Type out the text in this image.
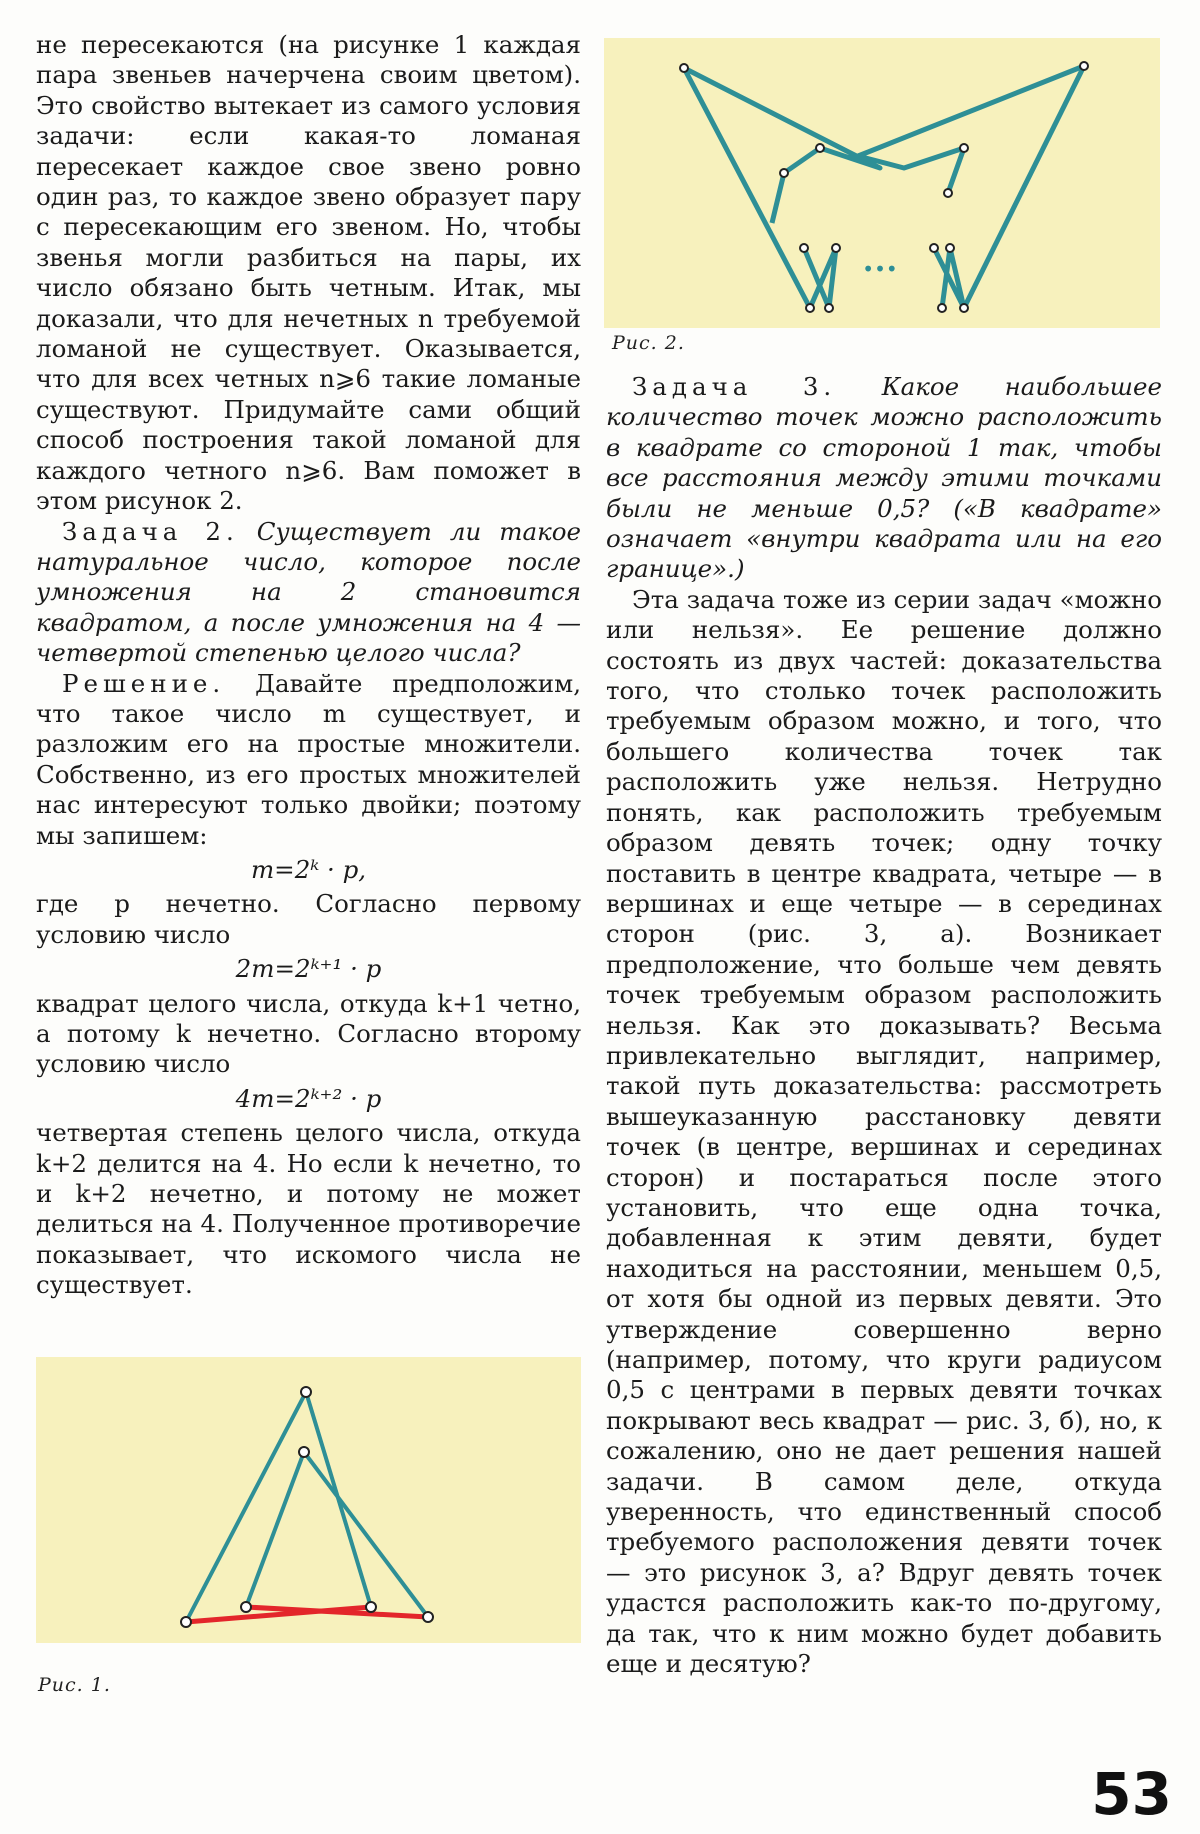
не пересекаются (на рисунке 1 каждая пара звеньев начерчена своим цветом). Это свойство вытекает из самого условия задачи: если какая-то ломаная пересекает каждое свое звено ровно один раз, то каждое звено образует пару с пересекающим его звеном. Но, чтобы звенья могли разбиться на пары, их число обязано быть четным. Итак, мы доказали, что для нечетных n требуемой ломаной не существует. Оказывается, что для всех четных n⩾6 такие ломаные существуют. Придумайте сами общий способ построения такой ломаной для каждого четного n⩾6. Вам поможет в этом рисунок 2.

Задача 2. Существует ли такое натуральное число, которое после умножения на 2 становится квадратом, а после умножения на 4 — четвертой степенью целого числа?

Решение. Давайте предположим, что такое число m существует, и разложим его на простые множители. Собственно, из его простых множителей нас интересуют только двойки; поэтому мы запишем:

m=2ᵏ · p,

где p нечетно. Согласно первому условию число

2m=2ᵏ⁺¹ · p

квадрат целого числа, откуда k+1 четно, а потому k нечетно. Согласно второму условию число

4m=2ᵏ⁺² · p

четвертая степень целого числа, откуда k+2 делится на 4. Но если k нечетно, то и k+2 нечетно, и потому не может делиться на 4. Полученное противоречие показывает, что искомого числа не существует.

•••
Рис. 2.

Задача 3. Какое наибольшее количество точек можно расположить в квадрате со стороной 1 так, чтобы все расстояния между этими точками были не меньше 0,5? («В квадрате» означает «внутри квадрата или на его границе».)

Эта задача тоже из серии задач «можно или нельзя». Ее решение должно состоять из двух частей: доказательства того, что столько точек расположить требуемым образом можно, и того, что большего количества точек так расположить уже нельзя. Нетрудно понять, как расположить требуемым образом девять точек; одну точку поставить в центре квадрата, четыре — в вершинах и еще четыре — в серединах сторон (рис. 3, а). Возникает предположение, что больше чем девять точек требуемым образом расположить нельзя. Как это доказывать? Весьма привлекательно выглядит, например, такой путь доказательства: рассмотреть вышеуказанную расстановку девяти точек (в центре, вершинах и серединах сторон) и постараться после этого установить, что еще одна точка, добавленная к этим девяти, будет находиться на расстоянии, меньшем 0,5, от хотя бы одной из первых девяти. Это утверждение совершенно верно (например, потому, что круги радиусом 0,5 с центрами в первых девяти точках покрывают весь квадрат — рис. 3, б), но, к сожалению, оно не дает решения нашей задачи. В самом деле, откуда уверенность, что единственный способ требуемого расположения девяти точек — это рисунок 3, а? Вдруг девять точек удастся расположить как-то по-другому, да так, что к ним можно будет добавить еще и десятую?

Рис. 1.
53
